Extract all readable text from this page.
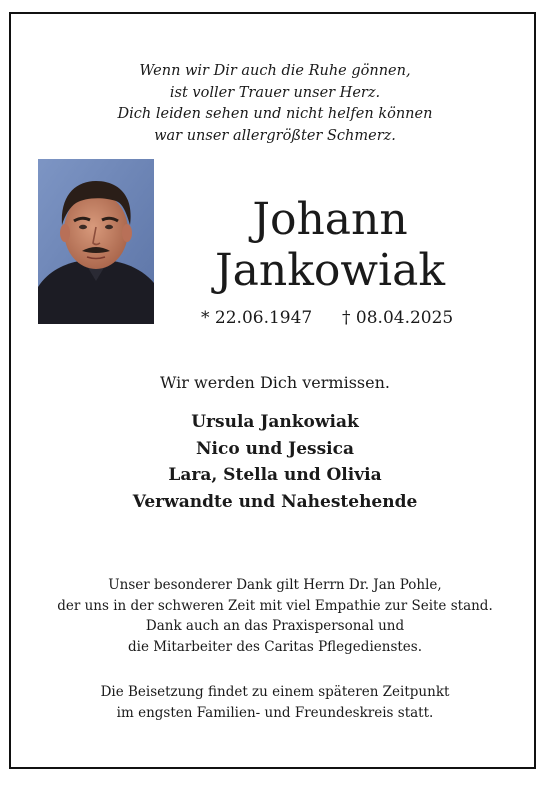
Wenn wir Dir auch die Ruhe gönnen,
ist voller Trauer unser Herz.
Dich leiden sehen und nicht helfen können
war unser allergrößter Schmerz.
Johann
Jankowiak
* 22.06.1947 † 08.04.2025
Wir werden Dich vermissen.
Ursula Jankowiak
Nico und Jessica
Lara, Stella und Olivia
Verwandte und Nahestehende
Unser besonderer Dank gilt Herrn Dr. Jan Pohle,
der uns in der schweren Zeit mit viel Empathie zur Seite stand.
Dank auch an das Praxispersonal und
die Mitarbeiter des Caritas Pflegedienstes.
Die Beisetzung findet zu einem späteren Zeitpunkt
im engsten Familien- und Freundeskreis statt.
